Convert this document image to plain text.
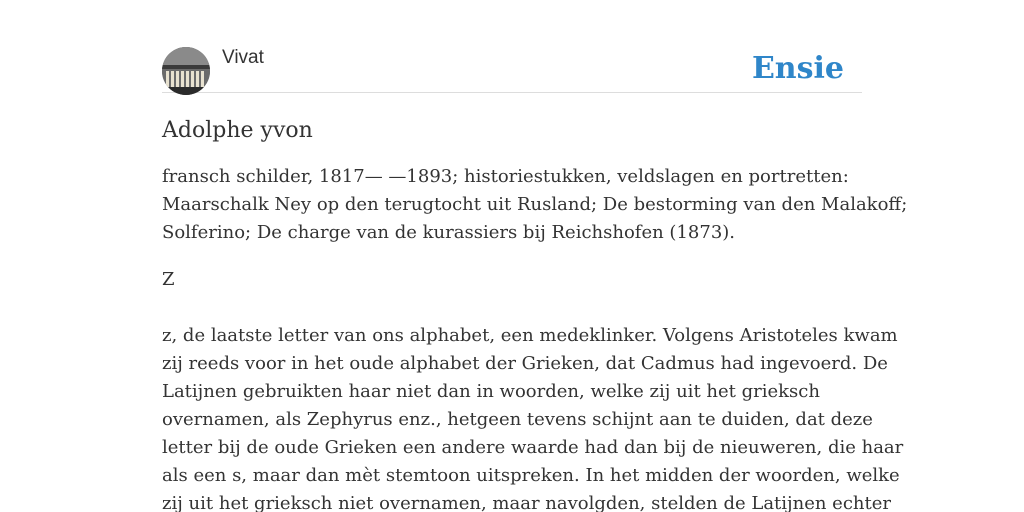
Vivat	Ensie
Adolphe yvon

fransch schilder, 1817— —1893; historiestukken, veldslagen en portretten:
Maarschalk Ney op den terugtocht uit Rusland; De bestorming van den Malakoff;
Solferino; De charge van de kurassiers bij Reichshofen (1873).

Z

z, de laatste letter van ons alphabet, een medeklinker. Volgens Aristoteles kwam
zij reeds voor in het oude alphabet der Grieken, dat Cadmus had ingevoerd. De
Latijnen gebruikten haar niet dan in woorden, welke zij uit het grieksch
overnamen, als Zephyrus enz., hetgeen tevens schijnt aan te duiden, dat deze
letter bij de oude Grieken een andere waarde had dan bij de nieuweren, die haar
als een s, maar dan mèt stemtoon uitspreken. In het midden der woorden, welke
zij uit het grieksch niet overnamen, maar navolgden, stelden de Latijnen echter
